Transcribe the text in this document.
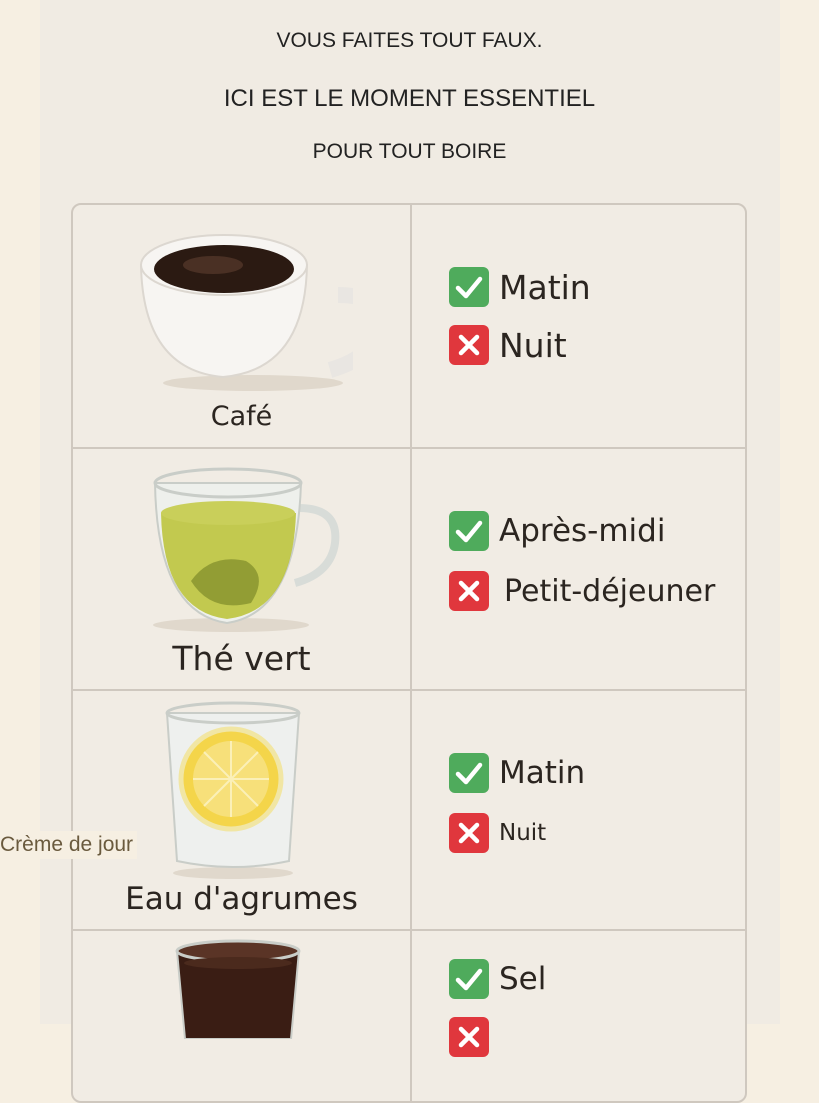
VOUS FAITES TOUT FAUX.
ICI EST LE MOMENT ESSENTIEL
POUR TOUT BOIRE
Café
Matin
Nuit
Thé vert
Après-midi
Petit-déjeuner
Eau d'agrumes
Matin
Nuit
Sel
Crème de jour
